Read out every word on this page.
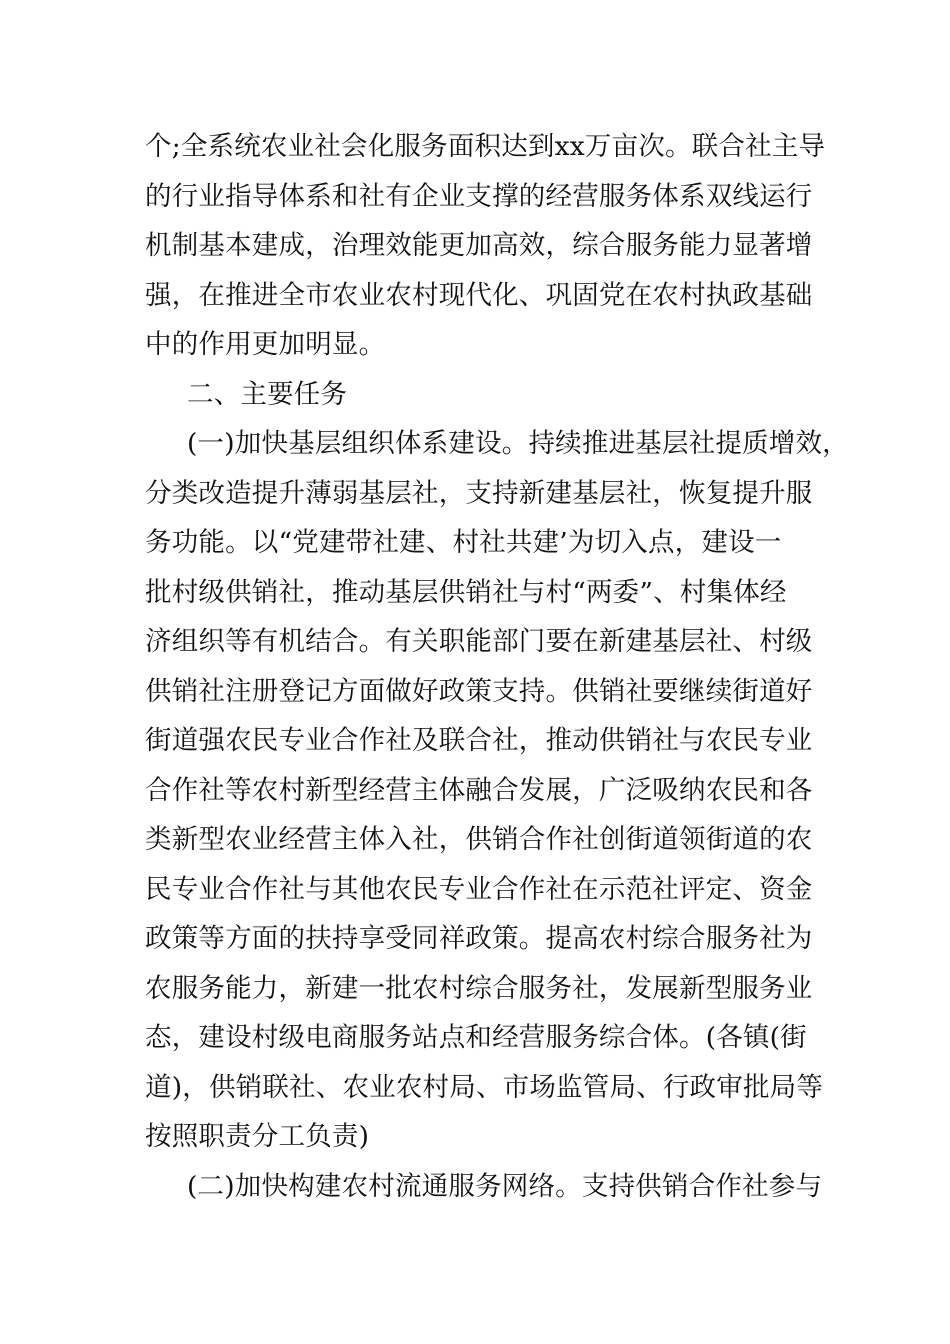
个;全系统农业社会化服务面积达到xx万亩次。联合社主导
的行业指导体系和社有企业支撑的经营服务体系双线运行
机制基本建成，治理效能更加高效，综合服务能力显著增
强，在推进全市农业农村现代化、巩固党在农村执政基础
中的作用更加明显。
二、主要任务
(一)加快基层组织体系建设。持续推进基层社提质增效，
分类改造提升薄弱基层社，支持新建基层社，恢复提升服
务功能。以“党建带社建、村社共建’为切入点，建设一
批村级供销社，推动基层供销社与村“两委”、村集体经
济组织等有机结合。有关职能部门要在新建基层社、村级
供销社注册登记方面做好政策支持。供销社要继续街道好
街道强农民专业合作社及联合社，推动供销社与农民专业
合作社等农村新型经营主体融合发展，广泛吸纳农民和各
类新型农业经营主体入社，供销合作社创街道领街道的农
民专业合作社与其他农民专业合作社在示范社评定、资金
政策等方面的扶持享受同祥政策。提高农村综合服务社为
农服务能力，新建一批农村综合服务社，发展新型服务业
态，建设村级电商服务站点和经营服务综合体。(各镇(街
道)，供销联社、农业农村局、市场监管局、行政审批局等
按照职责分工负责)
(二)加快构建农村流通服务网络。支持供销合作社参与
